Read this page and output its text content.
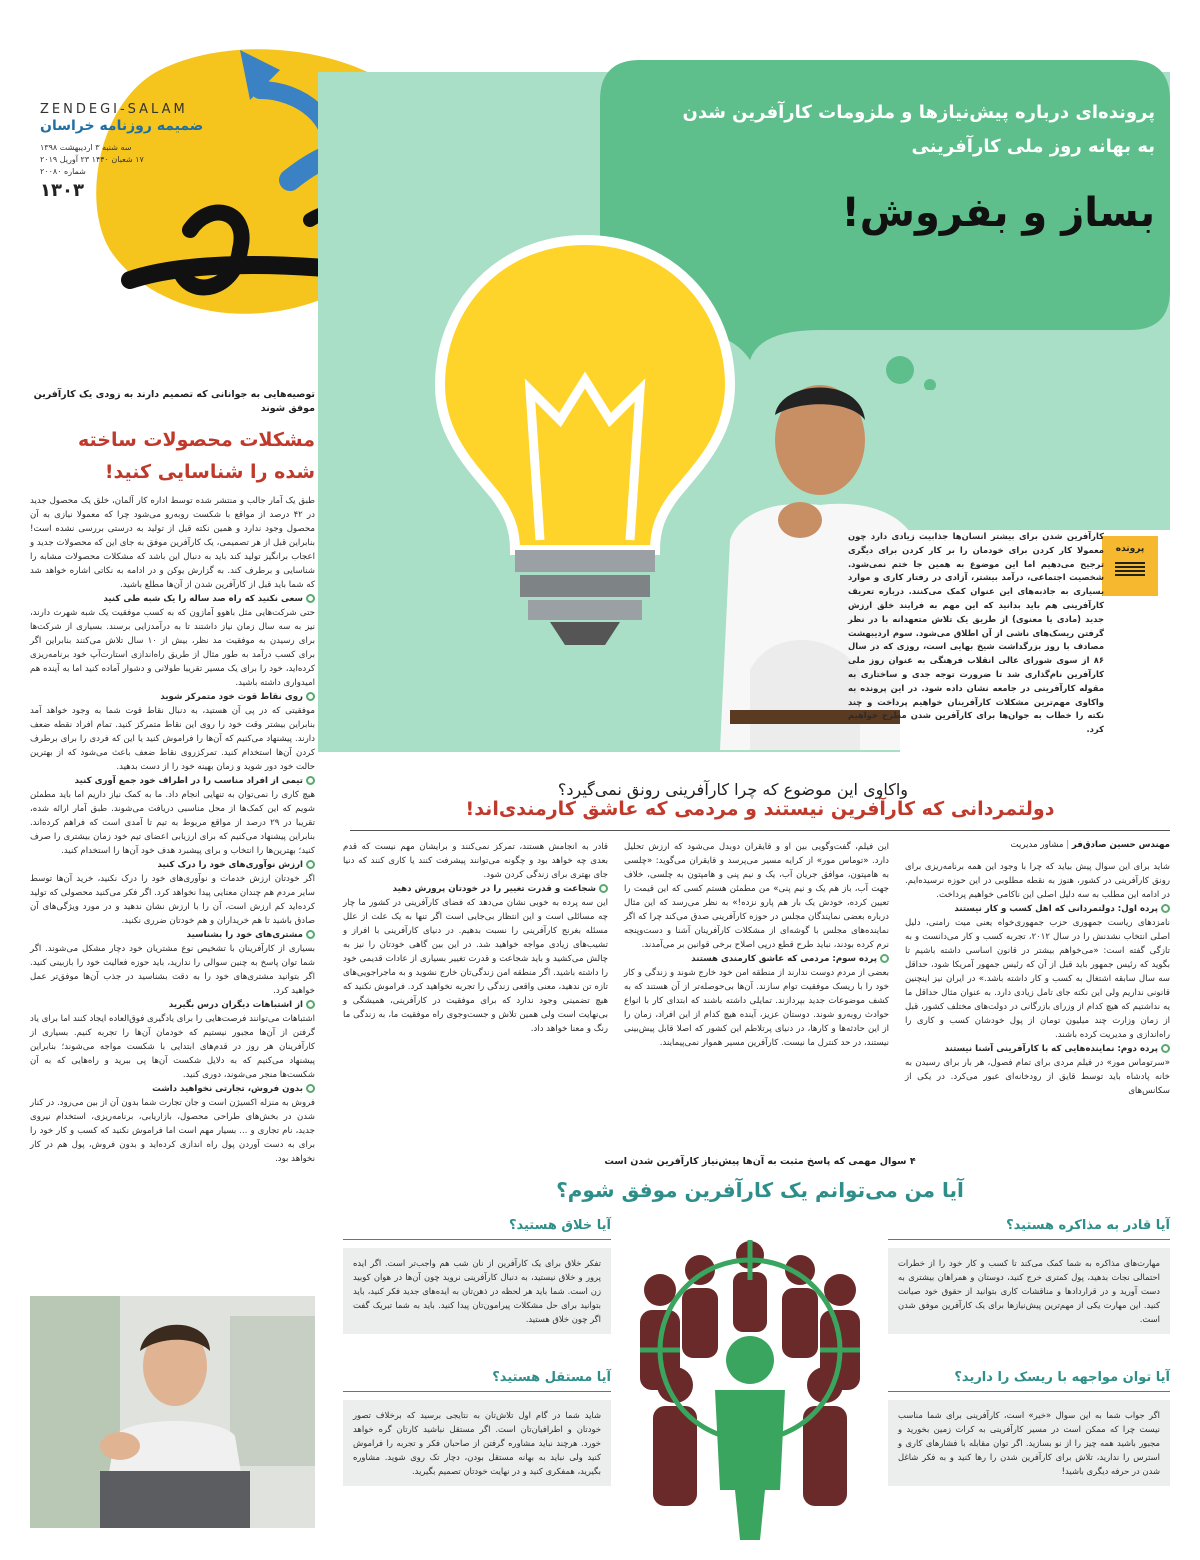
ZENDEGI-SALAM
ضمیمه روزنامه خراسان
سه شنبه ۳ اردیبهشت ۱۳۹۸
۱۷ شعبان ۱۴۴۰ ۲۳ آوریل ۲۰۱۹
شماره ۲۰۰۸۰
۱۳۰۳
پرونده‌ای درباره پیش‌نیازها و ملزومات کارآفرین شدن
به بهانه روز ملی کارآفرینی
بساز و بفروش!
پرونده

کارآفرین شدن برای بیشتر انسان‌ها جذابیت زیادی دارد چون معمولا کار کردن برای خودمان را بر کار کردن برای دیگری ترجیح می‌دهیم اما این موضوع به همین جا ختم نمی‌شود. شخصیت اجتماعی، درآمد بیشتر، آزادی در رفتار کاری و موارد بسیاری به جاذبه‌های این عنوان کمک می‌کنند. درباره تعریف کارآفرینی هم باید بدانید که این مهم به فرایند خلق ارزش جدید (مادی یا معنوی) از طریق یک تلاش متعهدانه با در نظر گرفتن ریسک‌های ناشی از آن اطلاق می‌شود. سوم اردیبهشت مصادف با روز بزرگداشت شیخ بهایی است، روزی که در سال ۸۶ از سوی شورای عالی انقلاب فرهنگی به عنوان روز ملی کارآفرین نام‌گذاری شد تا ضرورت توجه جدی و ساختاری به مقوله کارآفرینی در جامعه نشان داده شود. در این پرونده به واکاوی مهم‌ترین مشکلات کارآفرینان خواهیم پرداخت و چند نکته را خطاب به جوان‌ها برای کارآفرین شدن مطرح خواهیم کرد.

توصیه‌هایی به جوانانی که تصمیم دارند به زودی یک کارآفرین موفق شوند
مشکلات محصولات ساخته
شده را شناسایی کنید!

طبق یک آمار جالب و منتشر شده توسط اداره کار آلمان، خلق یک محصول جدید در ۴۲ درصد از مواقع با شکست روبه‌رو می‌شود چرا که معمولا نیازی به آن محصول وجود ندارد و همین نکته قبل از تولید به درستی بررسی نشده است! بنابراین قبل از هر تصمیمی، یک کارآفرین موفق به جای این که محصولات جدید و اعجاب برانگیز تولید کند باید به دنبال این باشد که مشکلات محصولات مشابه را شناسایی و برطرف کند. به گزارش یوکن و در ادامه به نکاتی اشاره خواهد شد که شما باید قبل از کارآفرین شدن از آن‌ها مطلع باشید.

سعی نکنید که راه صد ساله را یک شبه طی کنید

حتی شرکت‌هایی مثل با‌هوو آمازون که به کسب موفقیت یک شبه شهرت دارند، نیز به سه سال زمان نیاز داشتند تا به درآمدزایی برسند. بسیاری از شرکت‌ها برای رسیدن به موفقیت مد نظر، بیش از ۱۰ سال تلاش می‌کنند بنابراین اگر برای کسب درآمد به طور مثال از طریق راه‌اندازی استارت‌آپ خود برنامه‌ریزی کرده‌اید، خود را برای یک مسیر تقریبا طولانی و دشوار آماده کنید اما به آینده هم امیدواری داشته باشید.

روی نقاط قوت خود متمرکز شوید

موفقیتی که در پی آن هستید، به دنبال نقاط قوت شما به وجود خواهد آمد بنابراین بیشتر وقت خود را روی این نقاط متمرکز کنید. تمام افراد نقطه ضعف دارند. پیشنهاد می‌کنیم که آن‌ها را فراموش کنید یا این که فردی را برای برطرف کردن آن‌ها استخدام کنید. تمرکزروی نقاط ضعف باعث می‌شود که از بهترین حالت خود دور شوید و زمان بهینه خود را از دست بدهید.

تیمی از افراد مناسب را در اطراف خود جمع آوری کنید

هیچ کاری را نمی‌توان به تنهایی انجام داد. ما به کمک نیاز داریم اما باید مطمئن شویم که این کمک‌ها از محل مناسبی دریافت می‌شوند. طبق آمار ارائه شده، تقریبا در ۲۹ درصد از مواقع مربوط به تیم تا آمدی است که فراهم کرده‌اند. بنابراین پیشنهاد می‌کنیم که برای ارزیابی اعضای تیم خود زمان بیشتری را صرف کنید؛ بهترین‌ها را انتخاب و برای پیشبرد هدف خود آن‌ها را استخدام کنید.

ارزش نوآوری‌های خود را درک کنید

اگر خودتان ارزش خدمات و نوآوری‌های خود را درک نکنید، خرید آن‌ها توسط سایر مردم هم چندان معنایی پیدا نخواهد کرد. اگر فکر می‌کنید محصولی که تولید کرده‌اید کم ارزش است، آن را با ارزش نشان ندهید و در مورد ویژگی‌های آن صادق باشید تا هم خریداران و هم خودتان ضرری نکنید.

مشتری‌های خود را بشناسید

بسیاری از کارآفرینان با تشخیص نوع مشتریان خود دچار مشکل می‌شوند. اگر شما توان پاسخ به چنین سوالی را ندارید، باید حوزه فعالیت خود را بازبینی کنید. اگر بتوانید مشتری‌های خود را به دقت بشناسید در جذب آن‌ها موفق‌تر عمل خواهید کرد.

از اشتباهات دیگران درس بگیرید

اشتباهات می‌توانند فرصت‌هایی را برای یادگیری فوق‌العاده ایجاد کنند اما برای یاد گرفتن از آن‌ها مجبور نیستیم که خودمان آن‌ها را تجربه کنیم. بسیاری از کارآفرینان هر روز در قدم‌های ابتدایی با شکست مواجه می‌شوند؛ بنابراین پیشنهاد می‌کنیم که به دلایل شکست آن‌ها پی ببرید و راه‌هایی که به آن شکست‌ها منجر می‌شوند، دوری کنید.

بدون فروش، تجارتی نخواهید داشت

فروش به منزله اکسیژن است و جان تجارت شما بدون آن از بین می‌رود. در کنار شدن در بخش‌های طراحی محصول، بازاریابی، برنامه‌ریزی، استخدام نیروی جدید، نام تجاری و ... بسیار مهم است اما فراموش نکنید که کسب و کار خود را برای به دست آوردن پول راه اندازی کرده‌اید و بدون فروش، پول هم در کار نخواهد بود.

واکاوی این موضوع که چرا کارآفرینی رونق نمی‌گیرد؟
دولتمردانی که کارآفرین نیستند و مردمی که عاشق کارمندی‌اند!
مهندس حسین صادق‌فر | مشاور مدیریت

شاید برای این سوال پیش بیاید که چرا با وجود این همه برنامه‌ریزی برای رونق کارآفرینی در کشور، هنوز به نقطه مطلوبی در این حوزه نرسیده‌ایم. در ادامه این مطلب به سه دلیل اصلی این ناکامی خواهیم پرداخت.

پرده اول: دولتمردانی که اهل کسب و کار نیستند

نامزدهای ریاست جمهوری حزب جمهوری‌خواه یعنی میت رامنی، دلیل اصلی انتخاب نشدنش را در سال ۲۰۱۲، تجربه کسب و کار می‌دانست و به تازگی گفته است: «می‌خواهم بیشتر در قانون اساسی داشته باشیم تا بگوید که رئیس جمهور باید قبل از آن که رئیس جمهور آمریکا شود، حداقل سه سال سابقه اشتغال به کسب و کار داشته باشد.» در ایران نیز اینچنین قانونی نداریم ولی این نکته جای تامل زیادی دارد. به عنوان مثال حداقل ما یه نداشتیم که هیچ کدام از وزرای بازرگانی در دولت‌های مختلف کشور، قبل از زمان وزارت چند میلیون تومان از پول خودشان کسب و کاری را راه‌اندازی و مدیریت کرده باشند.

پرده دوم: نماینده‌هایی که با کارآفرینی آشنا نیستند

«سرتوماس مور» در فیلم مردی برای تمام فصول، هر بار برای رسیدن به خانه پادشاه باید توسط قایق از رودخانه‌ای عبور می‌کرد. در یکی از سکانس‌های

این فیلم، گفت‌وگویی بین او و قایقران دوبدل می‌شود که ارزش تحلیل دارد. «توماس مور» از کرایه مسیر می‌پرسد و قایقران می‌گوید: «چلسی به هامپتون، موافق جریان آب، یک و نیم پنی و هامپتون به چلسی، خلاف جهت آب، باز هم یک و نیم پنی» من مطمئن هستم کسی که این قیمت را تعیین کرده، خودش یک بار هم پارو نزده!» به نظر می‌رسد که این مثال درباره بعضی نمایندگان مجلس در حوزه کارآفرینی صدق می‌کند چرا که اگر نماینده‌های مجلس با گوشه‌ای از مشکلات کارآفرینان آشنا و دست‌وپنجه نرم کرده بودند، نباید طرح قطع درپی اصلاح برخی قوانین بر می‌آمدند.

پرده سوم: مردمی که عاشق کارمندی هستند

بعضی از مردم دوست ندارند از منطقه امن خود خارج شوند و زندگی و کار خود را با ریسک موفقیت توام سازند. آن‌ها بی‌حوصله‌تر از آن هستند که به کشف موضوعات جدید بپردازند. تمایلی داشته باشند که ابتدای کار با انواع حوادث روبه‌رو شوند. دوستان عزیز، آینده هیچ کدام از این افراد، زمان را از این حادثه‌ها و کارها، در دنیای پرتلاطم این کشور که اصلا قابل پیش‌بینی نیستند، در حد کنترل ما نیست. کارآفرین مسیر هموار نمی‌پیمایند.

قادر به انجامش هستند، تمرکز نمی‌کنند و برایشان مهم نیست که قدم بعدی چه خواهد بود و چگونه می‌توانند پیشرفت کنند یا کاری کنند که دنیا جای بهتری برای زندگی کردن شود.

شجاعت و قدرت تغییر را در خودتان پرورش دهید

این سه پرده به خوبی نشان می‌دهد که فضای کارآفرینی در کشور ما چار چه مسائلی است و این انتظار بی‌جایی است اگر تنها به یک علت از علل مسئله بغرنج کارآفرینی را نسبت بدهیم. در دنیای کارآفرینی با افراز و تشیب‌های زیادی مواجه خواهید شد. در این بین گاهی خودتان را نیز به چالش می‌کشید و باید شجاعت و قدرت تغییر بسیاری از عادات قدیمی خود را داشته باشید. اگر منطقه امن زندگی‌تان خارج نشوید و به ماجراجویی‌های تازه تن ندهید، معنی واقعی زندگی را تجربه نخواهید کرد. فراموش نکنید که هیچ تضمینی وجود ندارد که برای موفقیت در کارآفرینی، همیشگی و بی‌نهایت است ولی همین تلاش و جست‌وجوی راه موفقیت ما، به زندگی ما رنگ و معنا خواهد داد.

۴ سوال مهمی که پاسخ مثبت به آن‌ها پیش‌نیاز کارآفرین شدن است
آیا من می‌توانم یک کارآفرین موفق شوم؟
آیا قادر به مذاکره هستید؟

مهارت‌های مذاکره به شما کمک می‌کند تا کسب و کار خود را از خطرات احتمالی نجات بدهید، پول کمتری خرج کنید، دوستان و همراهان بیشتری به دست آورید و در قراردادها و مناقشات کاری بتوانید از حقوق خود صیانت کنید. این مهارت یکی از مهم‌ترین پیش‌نیازها برای یک کارآفرین موفق شدن است.

آیا توان مواجهه با ریسک را دارید؟

اگر جواب شما به این سوال «خیر» است، کارآفرینی برای شما مناسب نیست چرا که ممکن است در مسیر کارآفرینی به کرات زمین بخورید و مجبور باشید همه چیز را از نو بسازید. اگر توان مقابله با فشارهای کاری و استرس را ندارید، تلاش برای کارآفرین شدن را رها کنید و به فکر شاغل شدن در حرفه دیگری باشید!

آیا خلاق هستید؟

تفکر خلاق برای یک کارآفرین از نان شب هم واجب‌تر است. اگر ایده پرور و خلاق نیستید، به دنبال کارآفرینی نروید چون آن‌ها در هوان کوبید زن است. شما باید هر لحظه در ذهن‌تان به ایده‌های جدید فکر کنید، باید بتوانید برای حل مشکلات پیرامون‌تان پیدا کنید. باید به شما تبریک گفت اگر چون خلاق هستید.

آیا مستقل هستید؟

شاید شما در گام اول تلاش‌تان به نتایجی برسید که برخلاف تصور خودتان و اطرافیان‌تان است. اگر مستقل نباشید کارتان گره خواهد خورد. هرچند نباید مشاوره گرفتن از صاحبان فکر و تجربه را فراموش کنید ولی نباید به بهانه مستقل بودن، دچار تک روی شوید. مشاوره بگیرید، همفکری کنید و در نهایت خودتان تصمیم بگیرید.
